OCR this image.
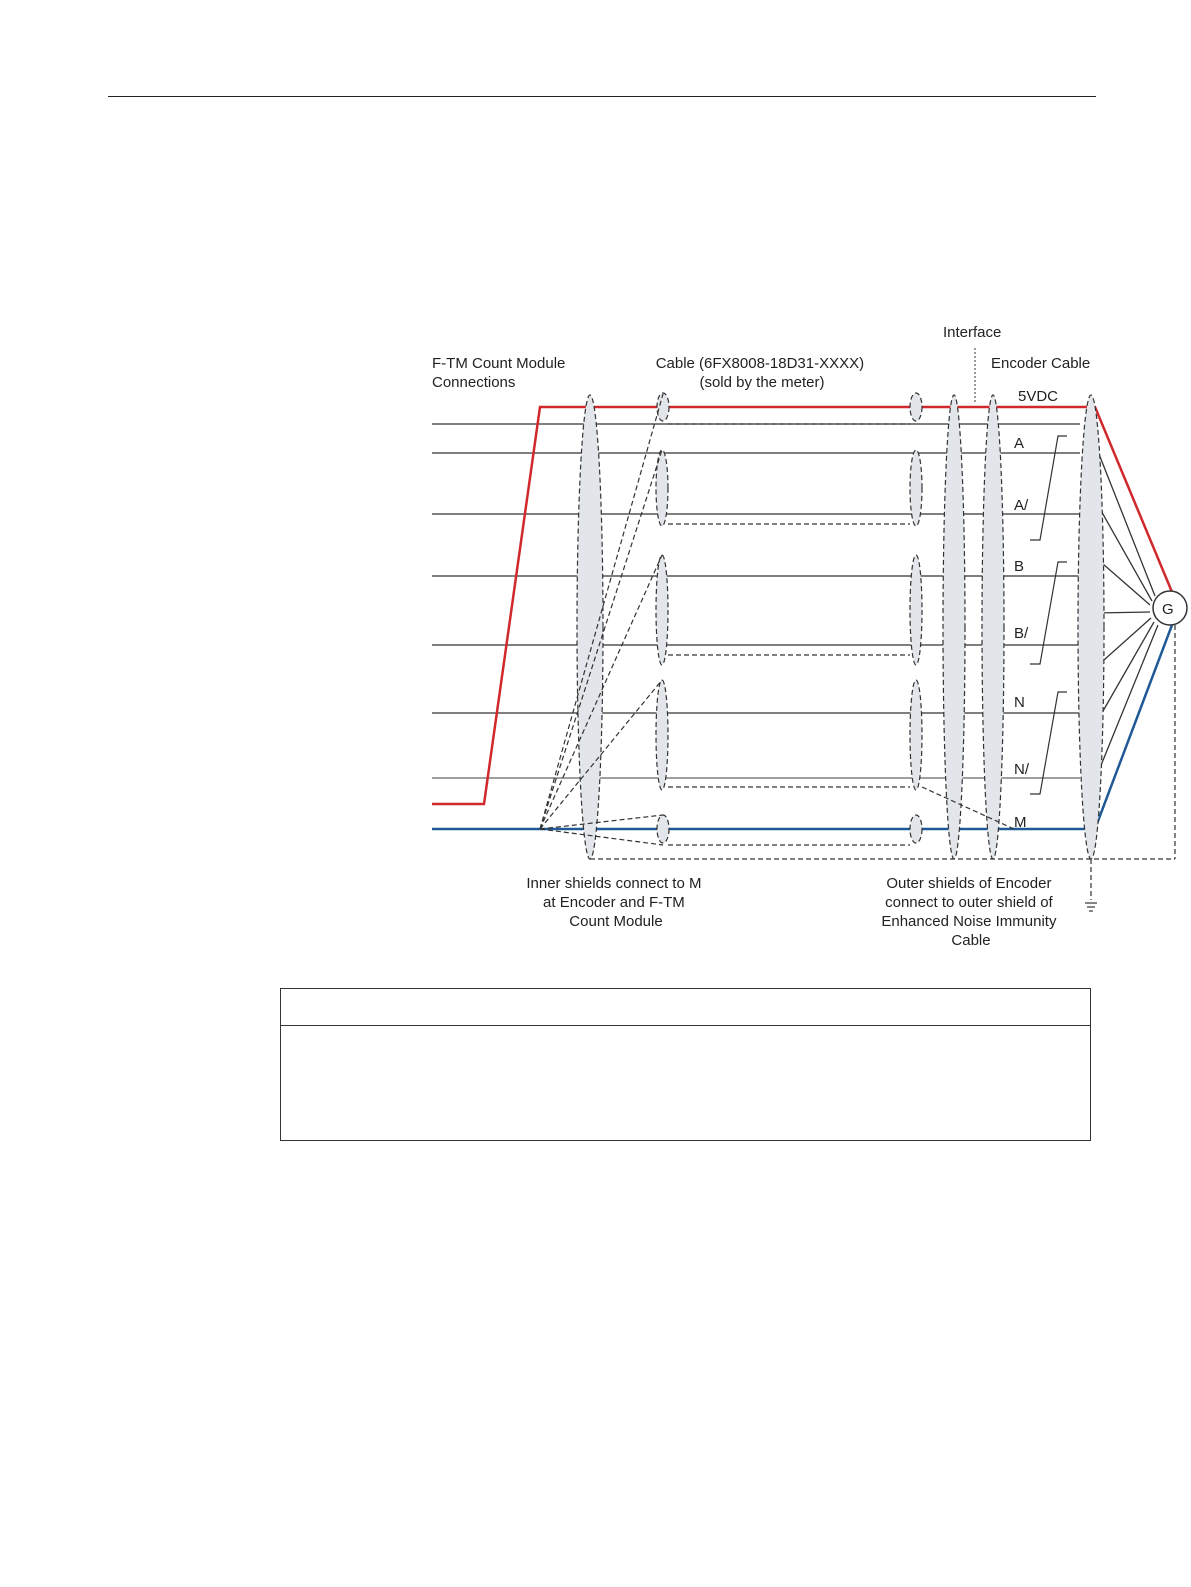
Interface
F-TM Count Module Connections
Cable (6FX8008-18D31-XXXX) (sold by the meter)
Encoder Cable
5VDC
G
A
A/
B
B/
N
N/
M
Inner shields connect to M at Encoder and F-TM Count Module
Outer shields of Encoder connect to outer shield of Enhanced Noise Immunity Cable
